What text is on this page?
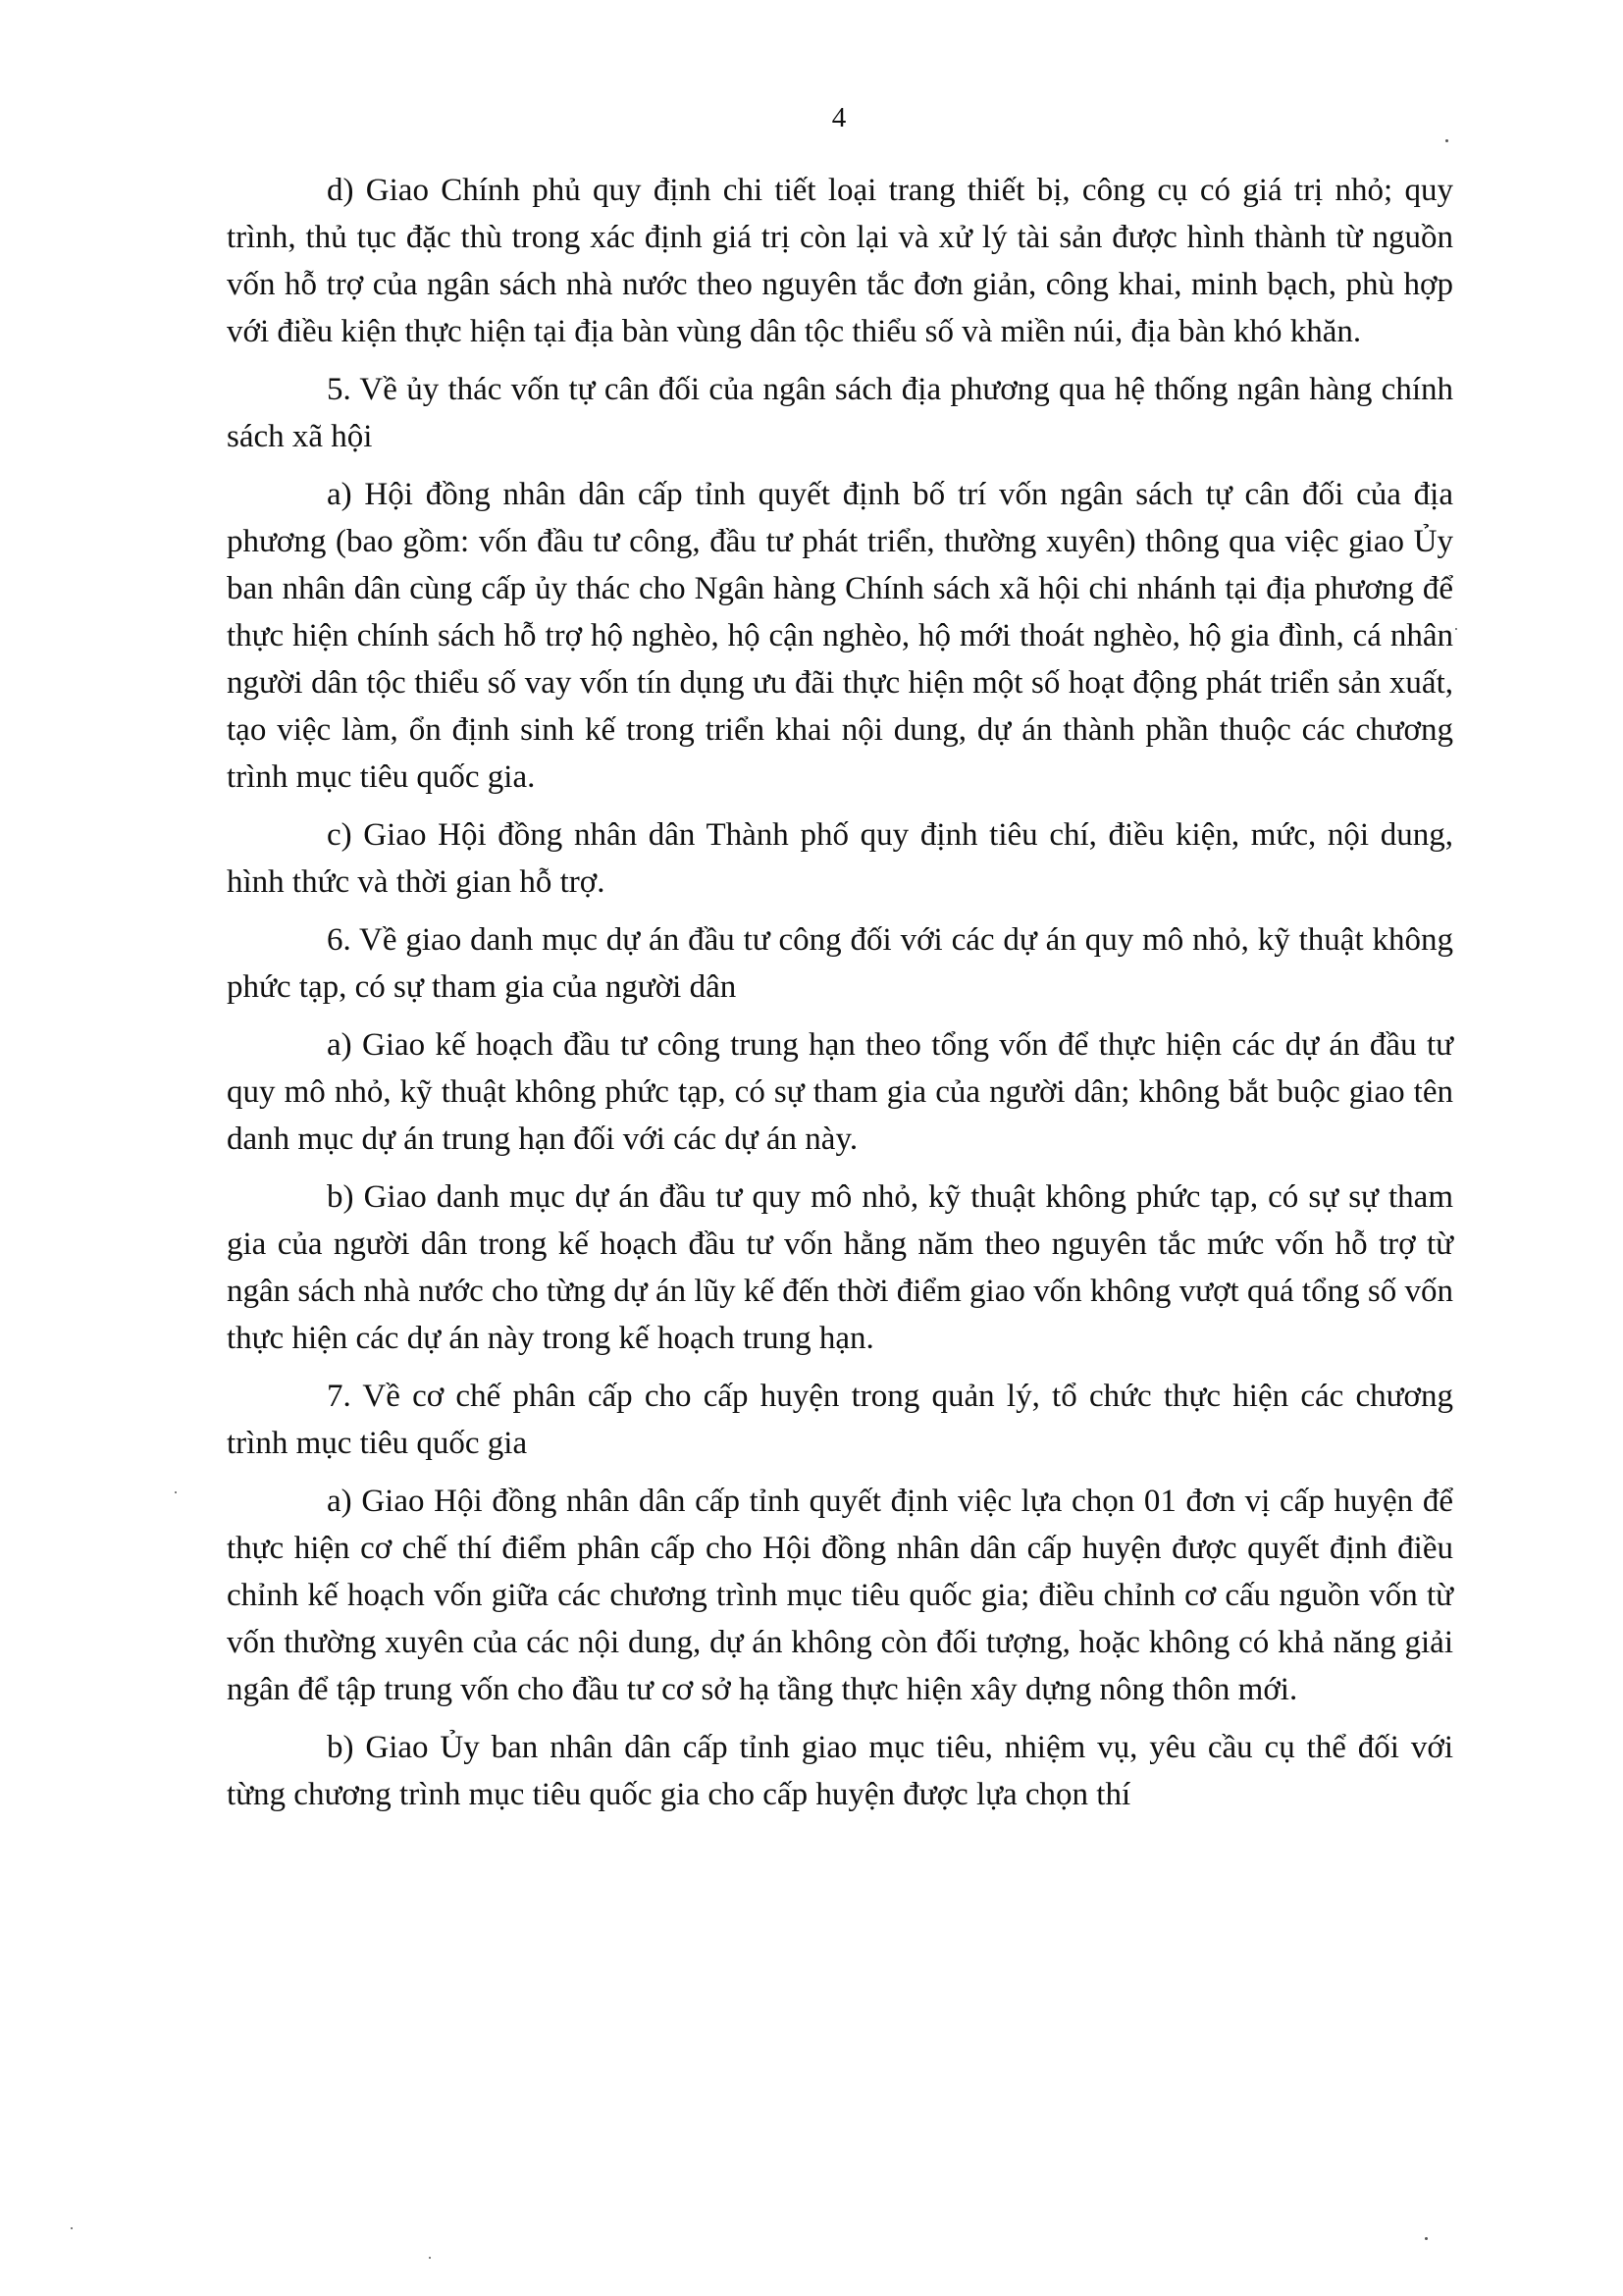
4

d) Giao Chính phủ quy định chi tiết loại trang thiết bị, công cụ có giá trị nhỏ; quy trình, thủ tục đặc thù trong xác định giá trị còn lại và xử lý tài sản được hình thành từ nguồn vốn hỗ trợ của ngân sách nhà nước theo nguyên tắc đơn giản, công khai, minh bạch, phù hợp với điều kiện thực hiện tại địa bàn vùng dân tộc thiểu số và miền núi, địa bàn khó khăn.

5. Về ủy thác vốn tự cân đối của ngân sách địa phương qua hệ thống ngân hàng chính sách xã hội

a) Hội đồng nhân dân cấp tỉnh quyết định bố trí vốn ngân sách tự cân đối của địa phương (bao gồm: vốn đầu tư công, đầu tư phát triển, thường xuyên) thông qua việc giao Ủy ban nhân dân cùng cấp ủy thác cho Ngân hàng Chính sách xã hội chi nhánh tại địa phương để thực hiện chính sách hỗ trợ hộ nghèo, hộ cận nghèo, hộ mới thoát nghèo, hộ gia đình, cá nhân người dân tộc thiểu số vay vốn tín dụng ưu đãi thực hiện một số hoạt động phát triển sản xuất, tạo việc làm, ổn định sinh kế trong triển khai nội dung, dự án thành phần thuộc các chương trình mục tiêu quốc gia.

c) Giao Hội đồng nhân dân Thành phố quy định tiêu chí, điều kiện, mức, nội dung, hình thức và thời gian hỗ trợ.

6. Về giao danh mục dự án đầu tư công đối với các dự án quy mô nhỏ, kỹ thuật không phức tạp, có sự tham gia của người dân

a) Giao kế hoạch đầu tư công trung hạn theo tổng vốn để thực hiện các dự án đầu tư quy mô nhỏ, kỹ thuật không phức tạp, có sự tham gia của người dân; không bắt buộc giao tên danh mục dự án trung hạn đối với các dự án này.

b) Giao danh mục dự án đầu tư quy mô nhỏ, kỹ thuật không phức tạp, có sự sự tham gia của người dân trong kế hoạch đầu tư vốn hằng năm theo nguyên tắc mức vốn hỗ trợ từ ngân sách nhà nước cho từng dự án lũy kế đến thời điểm giao vốn không vượt quá tổng số vốn thực hiện các dự án này trong kế hoạch trung hạn.

7. Về cơ chế phân cấp cho cấp huyện trong quản lý, tổ chức thực hiện các chương trình mục tiêu quốc gia

a) Giao Hội đồng nhân dân cấp tỉnh quyết định việc lựa chọn 01 đơn vị cấp huyện để thực hiện cơ chế thí điểm phân cấp cho Hội đồng nhân dân cấp huyện được quyết định điều chỉnh kế hoạch vốn giữa các chương trình mục tiêu quốc gia; điều chỉnh cơ cấu nguồn vốn từ vốn thường xuyên của các nội dung, dự án không còn đối tượng, hoặc không có khả năng giải ngân để tập trung vốn cho đầu tư cơ sở hạ tầng thực hiện xây dựng nông thôn mới.

b) Giao Ủy ban nhân dân cấp tỉnh giao mục tiêu, nhiệm vụ, yêu cầu cụ thể đối với từng chương trình mục tiêu quốc gia cho cấp huyện được lựa chọn thí
